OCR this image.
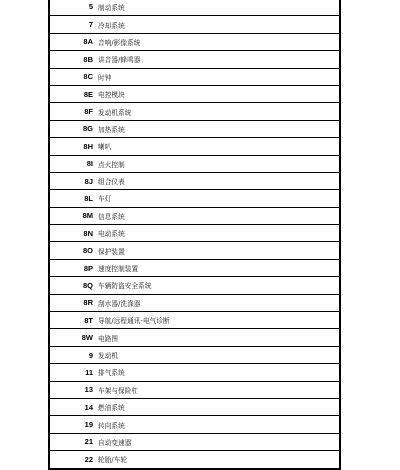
5 制动系统
7 冷却系统
8A 音响/影像系统
8B 讲音器/蜂鸣器
8C 时钟
8E 电控模块
8F 发动机系统
8G 加热系统
8H 喇叭
8I 点火控制
8J 组合仪表
8L 车灯
8M 信息系统
8N 电动系统
8O 保护装置
8P 速度控制装置
8Q 车辆防盗安全系统
8R 刮水器/洗涤器
8T 导航/远程通讯-电气诊断
8W 电路图
9 发动机
11 排气系统
13 车架与保险杠
14 燃油系统
19 转向系统
21 自动变速器
22 轮胎/车轮
